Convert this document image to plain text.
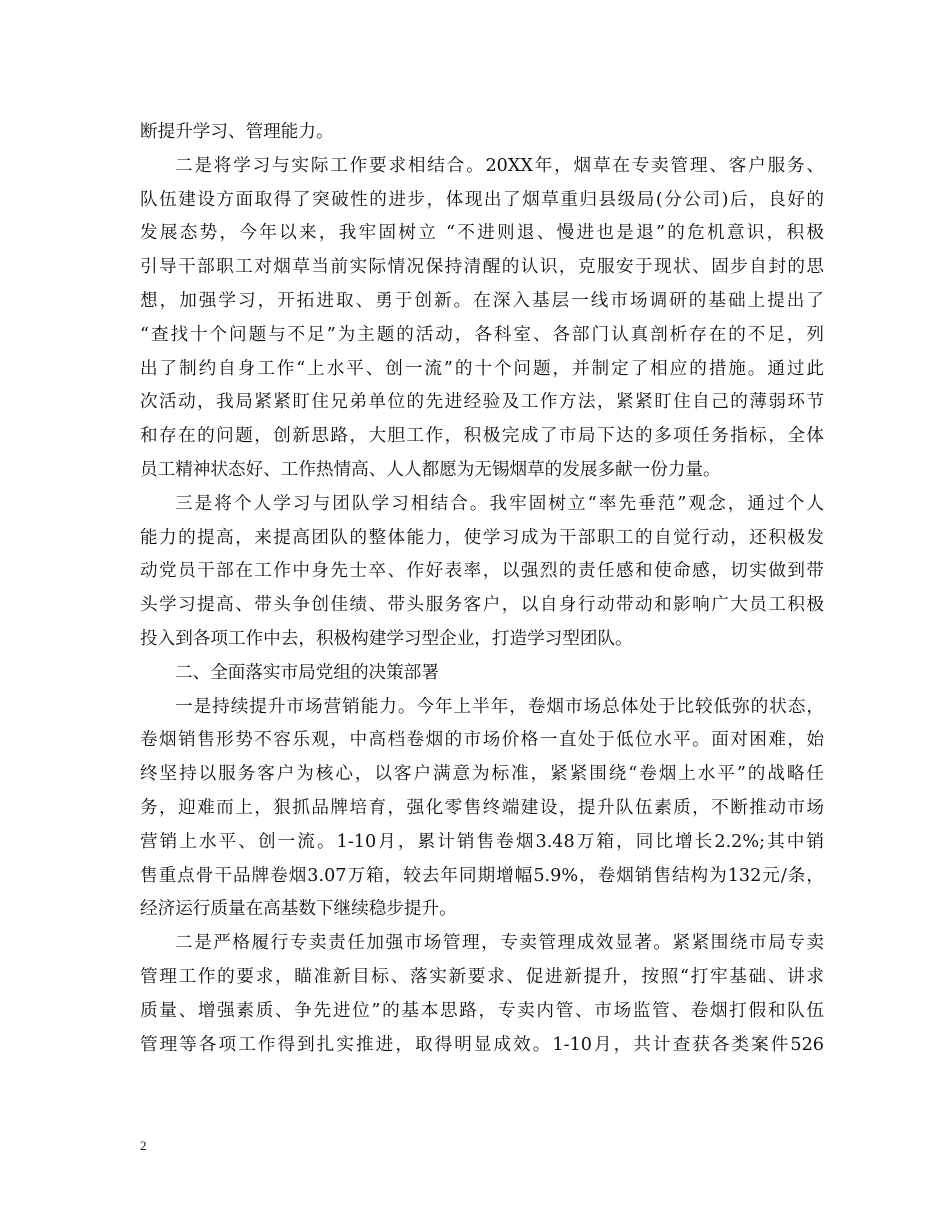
断提升学习、管理能力。
二是将学习与实际工作要求相结合。20XX年，烟草在专卖管理、客户服务、
队伍建设方面取得了突破性的进步，体现出了烟草重归县级局(分公司)后，良好的
发展态势，今年以来，我牢固树立 “不进则退、慢进也是退”的危机意识，积极
引导干部职工对烟草当前实际情况保持清醒的认识，克服安于现状、固步自封的思
想，加强学习，开拓进取、勇于创新。在深入基层一线市场调研的基础上提出了
“查找十个问题与不足”为主题的活动，各科室、各部门认真剖析存在的不足，列
出了制约自身工作“上水平、创一流”的十个问题，并制定了相应的措施。通过此
次活动，我局紧紧盯住兄弟单位的先进经验及工作方法，紧紧盯住自己的薄弱环节
和存在的问题，创新思路，大胆工作，积极完成了市局下达的多项任务指标，全体
员工精神状态好、工作热情高、人人都愿为无锡烟草的发展多献一份力量。
三是将个人学习与团队学习相结合。我牢固树立“率先垂范”观念，通过个人
能力的提高，来提高团队的整体能力，使学习成为干部职工的自觉行动，还积极发
动党员干部在工作中身先士卒、作好表率，以强烈的责任感和使命感，切实做到带
头学习提高、带头争创佳绩、带头服务客户，以自身行动带动和影响广大员工积极
投入到各项工作中去，积极构建学习型企业，打造学习型团队。
二、全面落实市局党组的决策部署
一是持续提升市场营销能力。今年上半年，卷烟市场总体处于比较低弥的状态，
卷烟销售形势不容乐观，中高档卷烟的市场价格一直处于低位水平。面对困难，始
终坚持以服务客户为核心，以客户满意为标准，紧紧围绕“卷烟上水平”的战略任
务，迎难而上，狠抓品牌培育，强化零售终端建设，提升队伍素质，不断推动市场
营销上水平、创一流。1-10月，累计销售卷烟3.48万箱，同比增长2.2%;其中销
售重点骨干品牌卷烟3.07万箱，较去年同期增幅5.9%，卷烟销售结构为132元/条，
经济运行质量在高基数下继续稳步提升。
二是严格履行专卖责任加强市场管理，专卖管理成效显著。紧紧围绕市局专卖
管理工作的要求，瞄准新目标、落实新要求、促进新提升，按照“打牢基础、讲求
质量、增强素质、争先进位”的基本思路，专卖内管、市场监管、卷烟打假和队伍
管理等各项工作得到扎实推进，取得明显成效。1-10月，共计查获各类案件526
2
